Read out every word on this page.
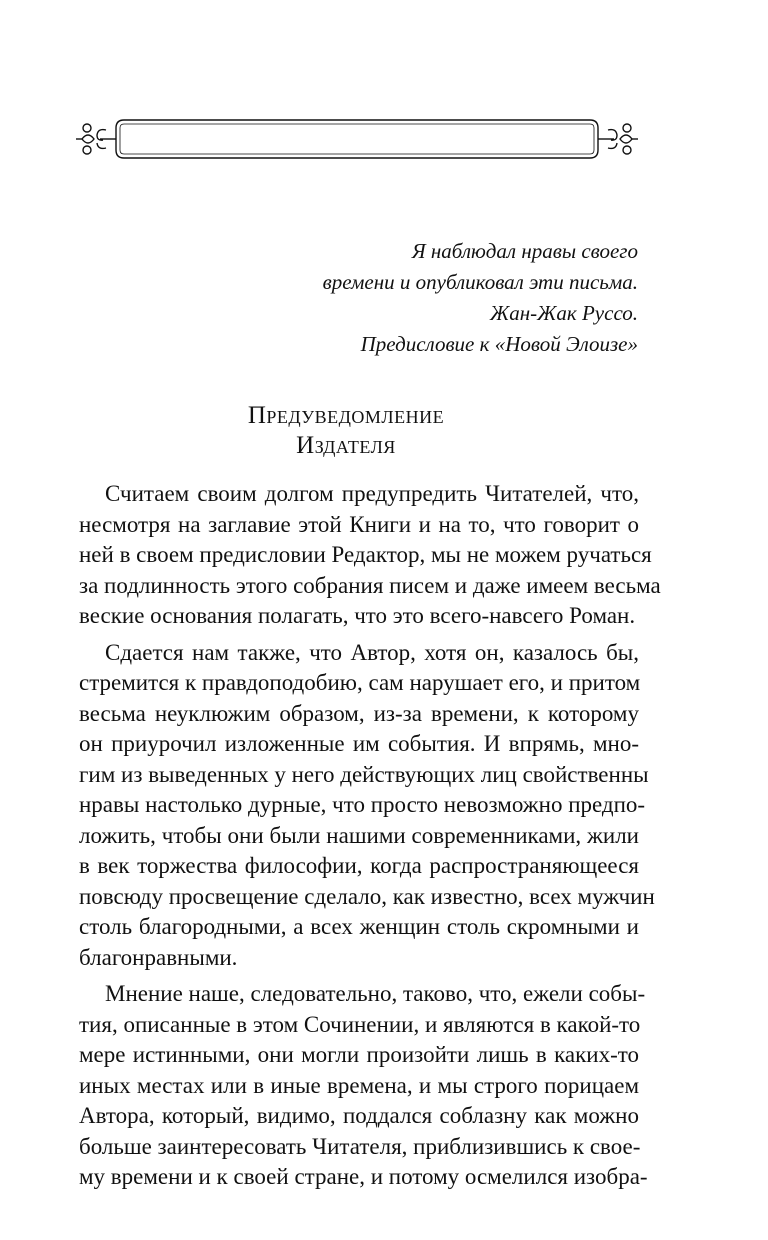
Я наблюдал нравы своего
времени и опубликовал эти письма.
Жан-Жак Руссо.
Предисловие к «Новой Элоизе»
Предуведомление
Издателя
Считаем своим долгом предупредить Читателей, что,
несмотря на заглавие этой Книги и на то, что говорит о
ней в своем предисловии Редактор, мы не можем ручаться
за подлинность этого собрания писем и даже имеем весьма
веские основания полагать, что это всего-навсего Роман.
Сдается нам также, что Автор, хотя он, казалось бы,
стремится к правдоподобию, сам нарушает его, и притом
весьма неуклюжим образом, из-за времени, к которому
он приурочил изложенные им события. И впрямь, мно-
гим из выведенных у него действующих лиц свойственны
нравы настолько дурные, что просто невозможно предпо-
ложить, чтобы они были нашими современниками, жили
в век торжества философии, когда распространяющееся
повсюду просвещение сделало, как известно, всех мужчин
столь благородными, а всех женщин столь скромными и
благонравными.
Мнение наше, следовательно, таково, что, ежели собы-
тия, описанные в этом Сочинении, и являются в какой-то
мере истинными, они могли произойти лишь в каких-то
иных местах или в иные времена, и мы строго порицаем
Автора, который, видимо, поддался соблазну как можно
больше заинтересовать Читателя, приблизившись к свое-
му времени и к своей стране, и потому осмелился изобра-
